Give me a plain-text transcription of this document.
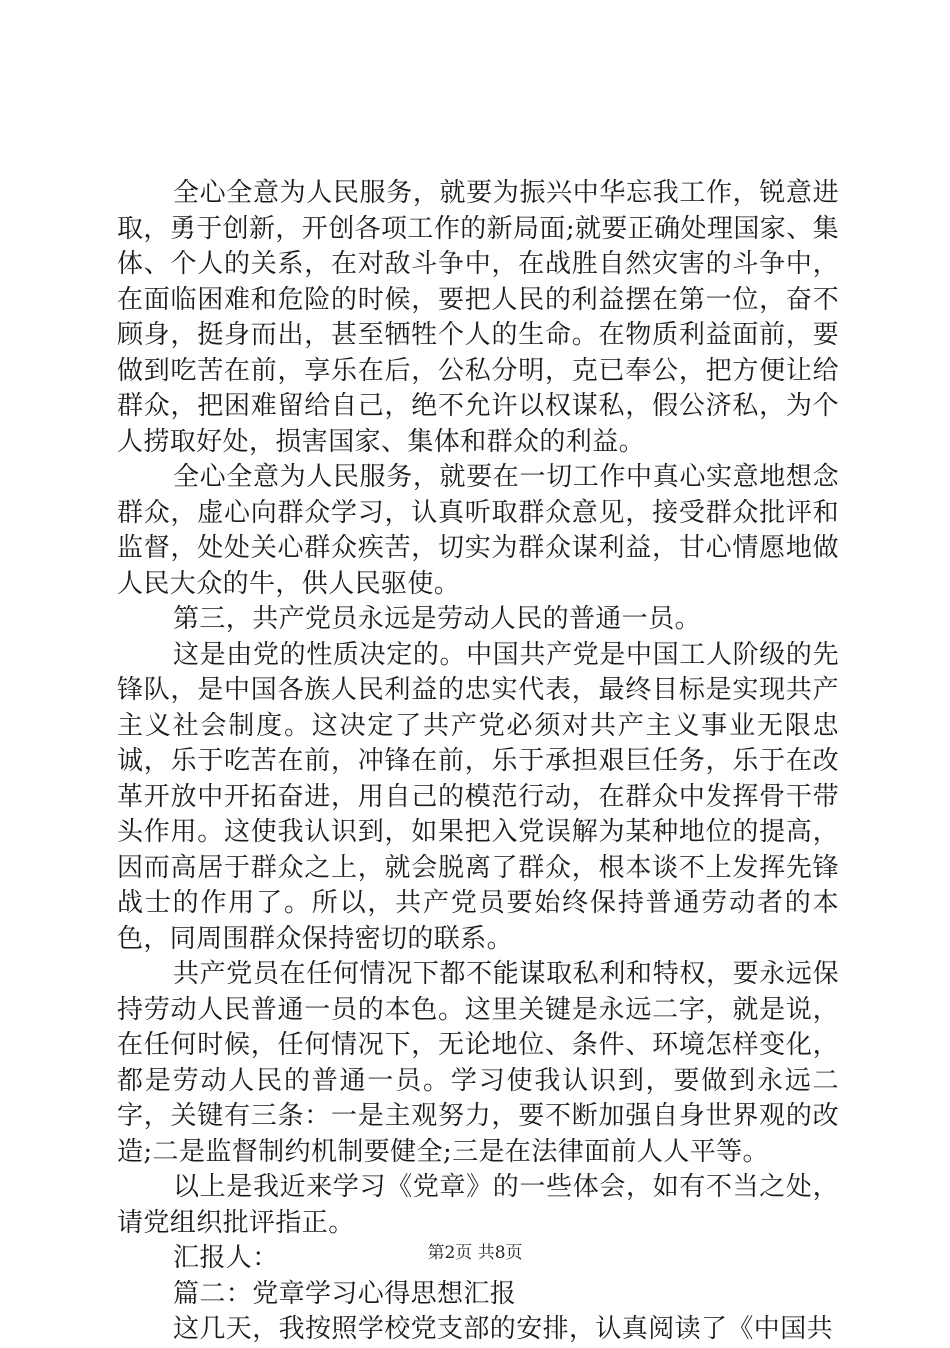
全心全意为人民服务，就要为振兴中华忘我工作，锐意进取，勇于创新，开创各项工作的新局面;就要正确处理国家、集体、个人的关系，在对敌斗争中，在战胜自然灾害的斗争中，在面临困难和危险的时候，要把人民的利益摆在第一位，奋不顾身，挺身而出，甚至牺牲个人的生命。在物质利益面前，要做到吃苦在前，享乐在后，公私分明，克已奉公，把方便让给群众，把困难留给自己，绝不允许以权谋私，假公济私，为个人捞取好处，损害国家、集体和群众的利益。

全心全意为人民服务，就要在一切工作中真心实意地想念群众，虚心向群众学习，认真听取群众意见，接受群众批评和监督，处处关心群众疾苦，切实为群众谋利益，甘心情愿地做人民大众的牛，供人民驱使。

第三，共产党员永远是劳动人民的普通一员。

这是由党的性质决定的。中国共产党是中国工人阶级的先锋队，是中国各族人民利益的忠实代表，最终目标是实现共产主义社会制度。这决定了共产党必须对共产主义事业无限忠诚，乐于吃苦在前，冲锋在前，乐于承担艰巨任务，乐于在改革开放中开拓奋进，用自己的模范行动，在群众中发挥骨干带头作用。这使我认识到，如果把入党误解为某种地位的提高，因而高居于群众之上，就会脱离了群众，根本谈不上发挥先锋战士的作用了。所以，共产党员要始终保持普通劳动者的本色，同周围群众保持密切的联系。

共产党员在任何情况下都不能谋取私利和特权，要永远保持劳动人民普通一员的本色。这里关键是永远二字，就是说，在任何时候，任何情况下，无论地位、条件、环境怎样变化，都是劳动人民的普通一员。学习使我认识到，要做到永远二字，关键有三条：一是主观努力，要不断加强自身世界观的改造;二是监督制约机制要健全;三是在法律面前人人平等。

以上是我近来学习《党章》的一些体会，如有不当之处，请党组织批评指正。

汇报人：

篇二：党章学习心得思想汇报

这几天，我按照学校党支部的安排，认真阅读了《中国共

第2页 共8页
